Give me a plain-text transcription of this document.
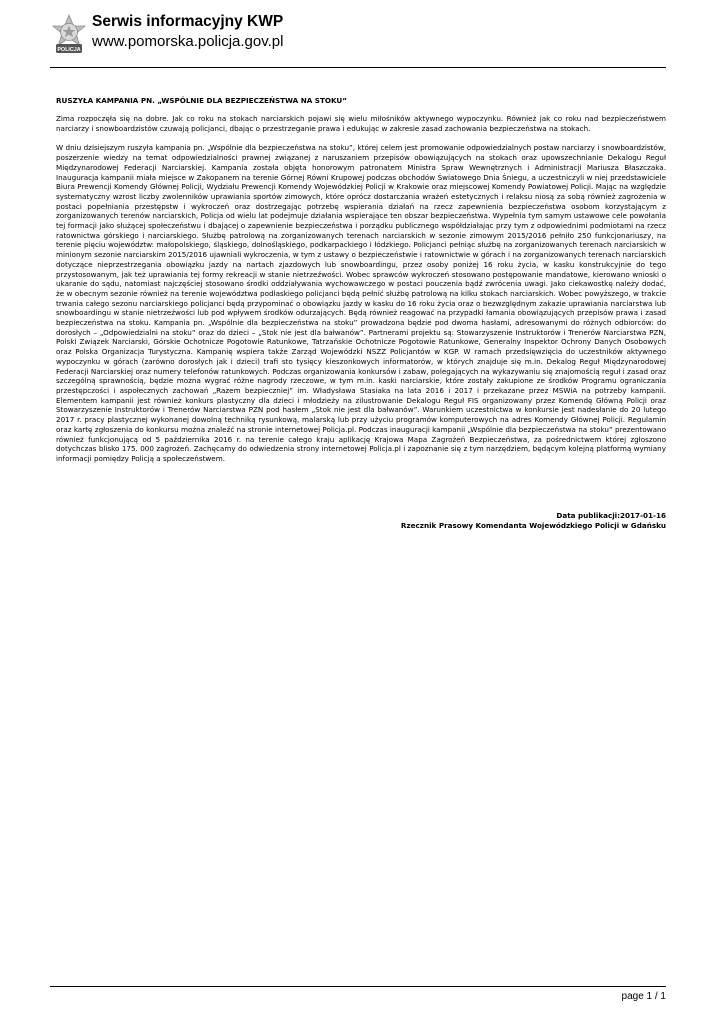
POLICJA
Serwis informacyjny KWP
www.pomorska.policja.gov.pl
RUSZYŁA KAMPANIA PN. „WSPÓLNIE DLA BEZPIECZEŃSTWA NA STOKU”

Zima rozpoczęła się na dobre. Jak co roku na stokach narciarskich pojawi się wielu miłośników aktywnego wypoczynku. Również jak co roku nad bezpieczeństwem narciarzy i snowboardzistów czuwają policjanci, dbając o przestrzeganie prawa i edukując w zakresie zasad zachowania bezpieczeństwa na stokach.

W dniu dzisiejszym ruszyła kampania pn. „Wspólnie dla bezpieczeństwa na stoku”, której celem jest promowanie odpowiedzialnych postaw narciarzy i snowboardzistów, poszerzenie wiedzy na temat odpowiedzialności prawnej związanej z naruszaniem przepisów obowiązujących na stokach oraz upowszechnianie Dekalogu Reguł Międzynarodowej Federacji Narciarskiej. Kampania została objęta honorowym patronatem Ministra Spraw Wewnętrznych i Administracji Mariusza Błaszczaka. Inauguracja kampanii miała miejsce w Zakopanem na terenie Górnej Równi Krupowej podczas obchodów Światowego Dnia Śniegu, a uczestniczyli w niej przedstawiciele Biura Prewencji Komendy Głównej Policji, Wydziału Prewencji Komendy Wojewódzkiej Policji w Krakowie oraz miejscowej Komendy Powiatowej Policji. Mając na względzie systematyczny wzrost liczby zwolenników uprawiania sportów zimowych, które oprócz dostarczania wrażeń estetycznych i relaksu niosą za sobą również zagrożenia w postaci popełniania przestępstw i wykroczeń oraz dostrzegając potrzebę wspierania działań na rzecz zapewnienia bezpieczeństwa osobom korzystającym z zorganizowanych terenów narciarskich, Policja od wielu lat podejmuje działania wspierające ten obszar bezpieczeństwa. Wypełnia tym samym ustawowe cele powołania tej formacji jako służącej społeczeństwu i dbającej o zapewnienie bezpieczeństwa i porządku publicznego współdziałając przy tym z odpowiednimi podmiotami na rzecz ratownictwa górskiego i narciarskiego. Służbę patrolową na zorganizowanych terenach narciarskich w sezonie zimowym 2015/2016 pełniło 250 funkcjonariuszy, na terenie pięciu województw: małopolskiego, śląskiego, dolnośląskiego, podkarpackiego i łódzkiego. Policjanci pełniąc służbę na zorganizowanych terenach narciarskich w minionym sezonie narciarskim 2015/2016 ujawniali wykroczenia, w tym z ustawy o bezpieczeństwie i ratownictwie w górach i na zorganizowanych terenach narciarskich dotyczące nieprzestrzegania obowiązku jazdy na nartach zjazdowych lub snowboardingu, przez osoby poniżej 16 roku życia, w kasku konstrukcyjnie do tego przystosowanym, jak też uprawiania tej formy rekreacji w stanie nietrzeźwości. Wobec sprawców wykroczeń stosowano postępowanie mandatowe, kierowano wnioski o ukaranie do sądu, natomiast najczęściej stosowano środki oddziaływania wychowawczego w postaci pouczenia bądź zwrócenia uwagi. Jako ciekawostkę należy dodać, że w obecnym sezonie również na terenie województwa podlaskiego policjanci będą pełnić służbę patrolową na kilku stokach narciarskich. Wobec powyższego, w trakcie trwania całego sezonu narciarskiego policjanci będą przypominać o obowiązku jazdy w kasku do 16 roku życia oraz o bezwzględnym zakazie uprawiania narciarstwa lub snowboardingu w stanie nietrzeźwości lub pod wpływem środków odurzających. Będą również reagować na przypadki łamania obowiązujących przepisów prawa i zasad bezpieczeństwa na stoku. Kampania pn. „Wspólnie dla bezpieczeństwa na stoku” prowadzona będzie pod dwoma hasłami, adresowanymi do różnych odbiorców: do dorosłych – „Odpowiedzialni na stoku” oraz do dzieci – „Stok nie jest dla bałwanów”. Partnerami projektu są: Stowarzyszenie Instruktorów i Trenerów Narciarstwa PZN, Polski Związek Narciarski, Górskie Ochotnicze Pogotowie Ratunkowe, Tatrzańskie Ochotnicze Pogotowie Ratunkowe, Generalny Inspektor Ochrony Danych Osobowych oraz Polska Organizacja Turystyczna. Kampanię wspiera także Zarząd Wojewódzki NSZZ Policjantów w KGP. W ramach przedsięwzięcia do uczestników aktywnego wypoczynku w górach (zarówno dorosłych jak i dzieci) trafi sto tysięcy kieszonkowych informatorów, w których znajduje się m.in. Dekalog Reguł Międzynarodowej Federacji Narciarskiej oraz numery telefonów ratunkowych. Podczas organizowania konkursów i zabaw, polegających na wykazywaniu się znajomością reguł i zasad oraz szczególną sprawnością, będzie można wygrać różne nagrody rzeczowe, w tym m.in. kaski narciarskie, które zostały zakupione ze środków Programu ograniczania przestępczości i aspołecznych zachowań „Razem bezpieczniej” im. Władysława Stasiaka na lata 2016 i 2017 i przekazane przez MSWiA na potrzeby kampanii. Elementem kampanii jest również konkurs plastyczny dla dzieci i młodzieży na zilustrowanie Dekalogu Reguł FIS organizowany przez Komendę Główną Policji oraz Stowarzyszenie Instruktorów i Trenerów Narciarstwa PZN pod hasłem „Stok nie jest dla bałwanów”. Warunkiem uczestnictwa w konkursie jest nadesłanie do 20 lutego 2017 r. pracy plastycznej wykonanej dowolną techniką rysunkową, malarską lub przy użyciu programów komputerowych na adres Komendy Głównej Policji. Regulamin oraz kartę zgłoszenia do konkursu można znaleźć na stronie internetowej Policja.pl. Podczas inauguracji kampanii „Wspólnie dla bezpieczeństwa na stoku” prezentowano również funkcjonującą od 5 października 2016 r. na terenie całego kraju aplikację Krajowa Mapa Zagrożeń Bezpieczeństwa, za pośrednictwem której zgłoszono dotychczas blisko 175. 000 zagrożeń. Zachęcamy do odwiedzenia strony internetowej Policja.pl i zapoznanie się z tym narzędziem, będącym kolejną platformą wymiany informacji pomiędzy Policją a społeczeństwem.

Data publikacji:2017-01-16
Rzecznik Prasowy Komendanta Wojewódzkiego Policji w Gdańsku
page 1 / 1
